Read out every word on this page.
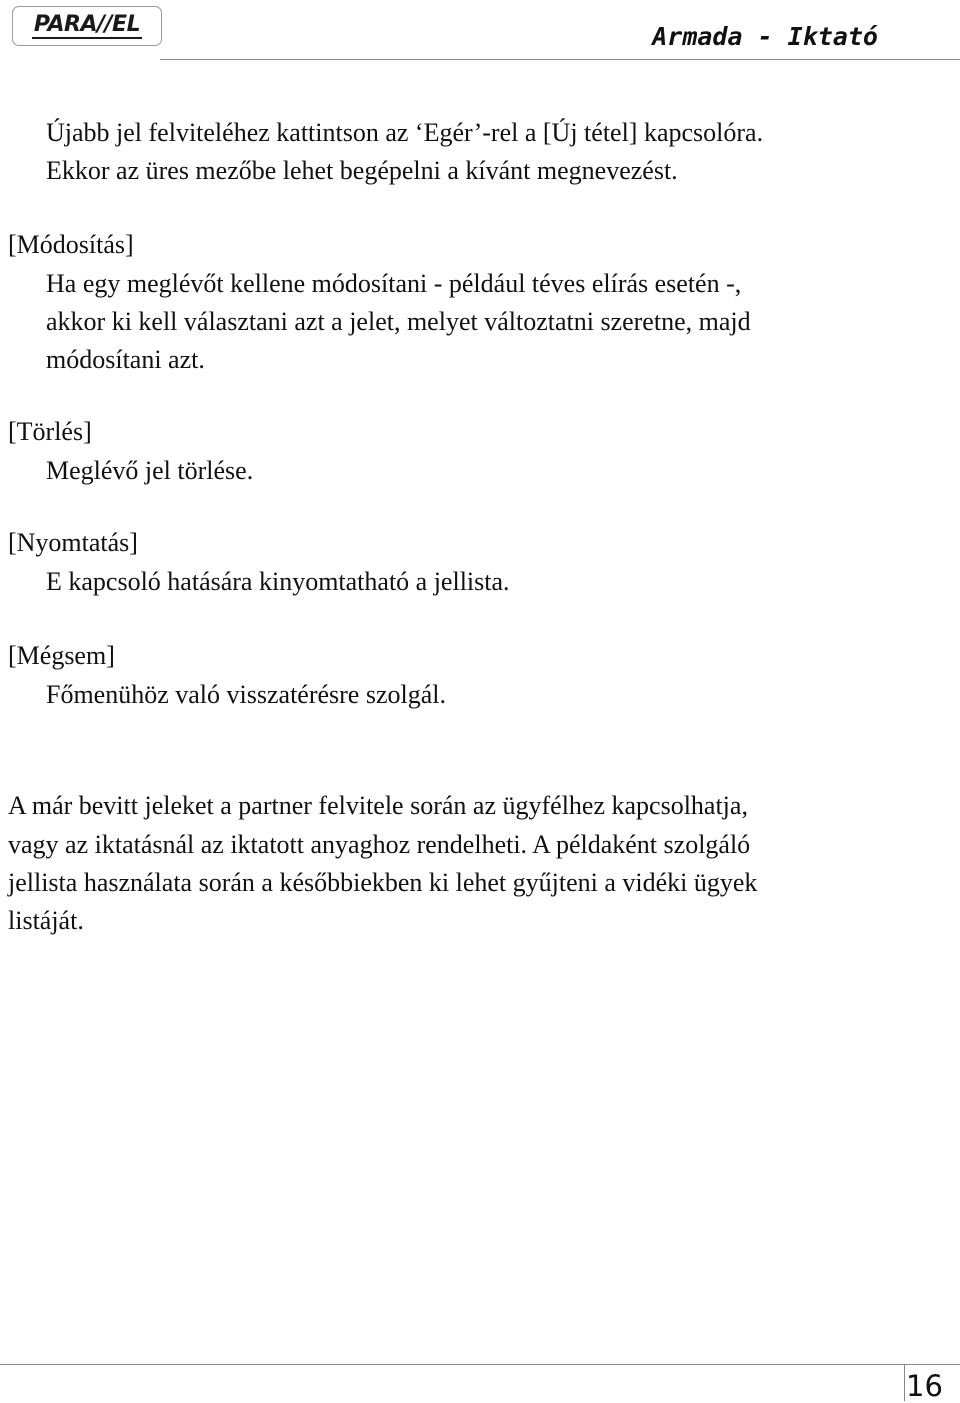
PARA//EL	Armada - Iktató
Újabb jel felviteléhez kattintson az ‘Egér’-rel a [Új tétel] kapcsolóra.
Ekkor az üres mezőbe lehet begépelni a kívánt megnevezést.
[Módosítás]
Ha egy meglévőt kellene módosítani - például téves elírás esetén -,
akkor ki kell választani azt a jelet, melyet változtatni szeretne, majd
módosítani azt.
[Törlés]
Meglévő jel törlése.
[Nyomtatás]
E kapcsoló hatására kinyomtatható a jellista.
[Mégsem]
Főmenühöz való visszatérésre szolgál.
A már bevitt jeleket a partner felvitele során az ügyfélhez kapcsolhatja,
vagy az iktatásnál az iktatott anyaghoz rendelheti. A példaként szolgáló
jellista használata során a későbbiekben ki lehet gyűjteni a vidéki ügyek
listáját.
16
